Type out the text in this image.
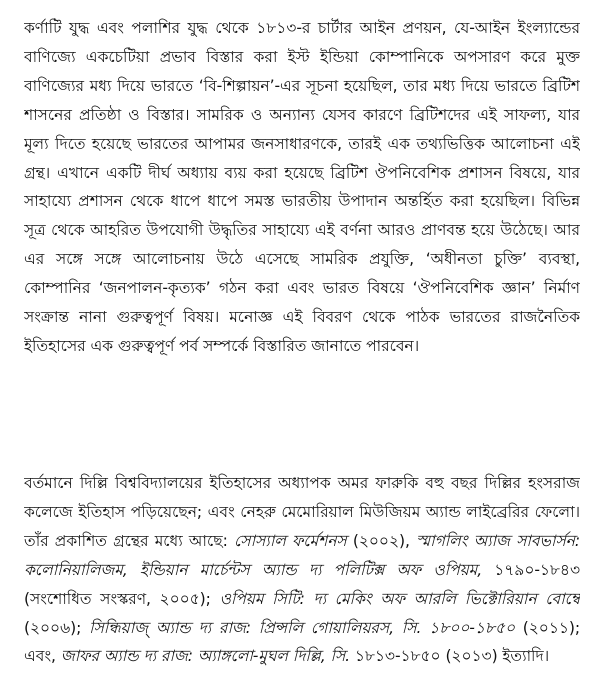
কর্ণাটি যুদ্ধ এবং পলাশির যুদ্ধ থেকে ১৮১৩-র চার্টার আইন প্রণয়ন, যে-আইন ইংল্যান্ডের বাণিজ্যে একচেটিয়া প্রভাব বিস্তার করা ইস্ট ইন্ডিয়া কোম্পানিকে অপসারণ করে মুক্ত বাণিজ্যের মধ্য দিয়ে ভারতে ‘বি-শিল্পায়ন’-এর সূচনা হয়েছিল, তার মধ্য দিয়ে ভারতে ব্রিটিশ শাসনের প্রতিষ্ঠা ও বিস্তার। সামরিক ও অন্যান্য যেসব কারণে ব্রিটিশদের এই সাফল্য, যার মূল্য দিতে হয়েছে ভারতের আপামর জনসাধারণকে, তারই এক তথ্যভিত্তিক আলোচনা এই গ্রন্থ। এখানে একটি দীর্ঘ অধ্যায় ব্যয় করা হয়েছে ব্রিটিশ ঔপনিবেশিক প্রশাসন বিষয়ে, যার সাহায্যে প্রশাসন থেকে ধাপে ধাপে সমস্ত ভারতীয় উপাদান অন্তর্হিত করা হয়েছিল। বিভিন্ন সূত্র থেকে আহরিত উপযোগী উদ্ধৃতির সাহায্যে এই বর্ণনা আরও প্রাণবন্ত হয়ে উঠেছে। আর এর সঙ্গে সঙ্গে আলোচনায় উঠে এসেছে সামরিক প্রযুক্তি, ‘অধীনতা চুক্তি’ ব্যবস্থা, কোম্পানির ‘জনপালন-কৃত্যক’ গঠন করা এবং ভারত বিষয়ে ‘ঔপনিবেশিক জ্ঞান’ নির্মাণ সংক্রান্ত নানা গুরুত্বপূর্ণ বিষয়। মনোজ্ঞ এই বিবরণ থেকে পাঠক ভারতের রাজনৈতিক ইতিহাসের এক গুরুত্বপূর্ণ পর্ব সম্পর্কে বিস্তারিত জানাতে পারবেন।

বর্তমানে দিল্লি বিশ্ববিদ্যালয়ের ইতিহাসের অধ্যাপক অমর ফারুকি বহু বছর দিল্লির হংসরাজ কলেজে ইতিহাস পড়িয়েছেন; এবং নেহরু মেমোরিয়াল মিউজিয়ম অ্যান্ড লাইব্রেরির ফেলো। তাঁর প্রকাশিত গ্রন্থের মধ্যে আছে: সোস্যাল ফর্মেশনস (২০০২), স্মাগলিং অ্যাজ সাবভার্সন: কলোনিয়ালিজম, ইন্ডিয়ান মার্চেন্টস অ্যান্ড দ্য পলিটিক্স অফ ওপিয়ম, ১৭৯০-১৮৪৩ (সংশোধিত সংস্করণ, ২০০৫); ওপিয়ম সিটি: দ্য মেকিং অফ আরলি ভিক্টোরিয়ান বোম্বে (২০০৬); সিন্ধিয়াজ্ অ্যান্ড দ্য রাজ: প্রিন্সলি গোয়ালিয়রস, সি. ১৮০০-১৮৫০ (২০১১); এবং, জাফর অ্যান্ড দ্য রাজ: অ্যাঙ্গলো-মুঘল দিল্লি, সি. ১৮১৩-১৮৫০ (২০১৩) ইত্যাদি।
